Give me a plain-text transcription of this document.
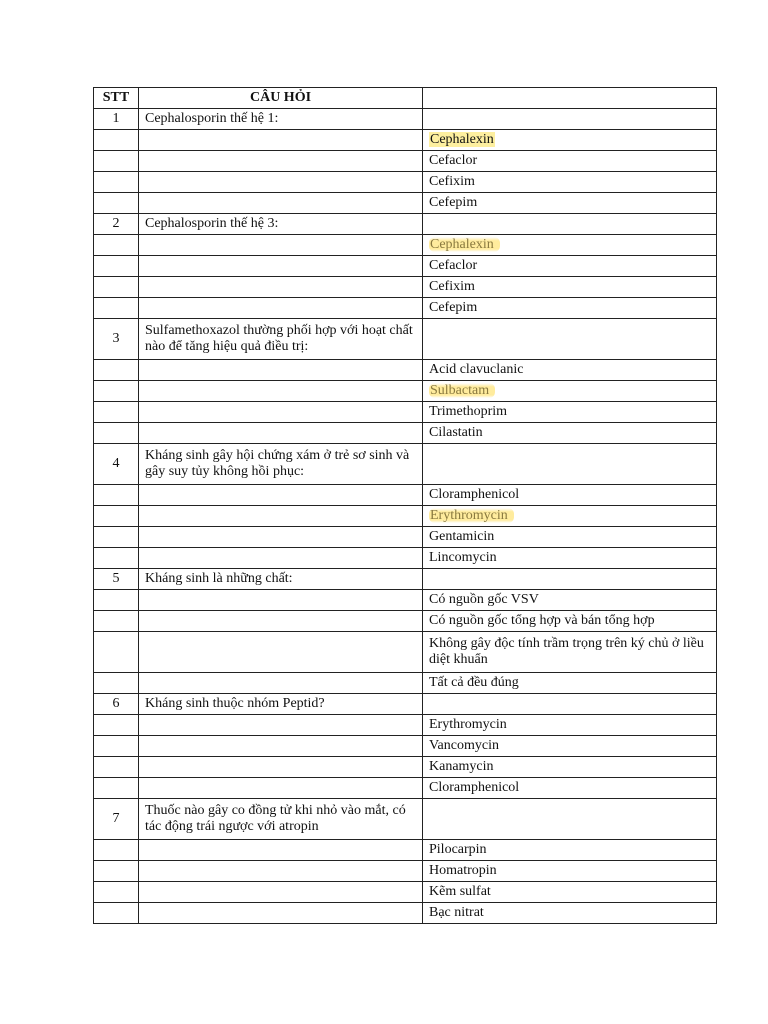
STT	CÂU HỎI	
1	Cephalosporin thế hệ 1:	
		Cephalexin
		Cefaclor
		Cefixim
		Cefepim
2	Cephalosporin thế hệ 3:	
		Cephalexin
		Cefaclor
		Cefixim
		Cefepim
3	Sulfamethoxazol thường phối hợp với hoạt chất nào để tăng hiệu quả điều trị:	
		Acid clavuclanic
		Sulbactam
		Trimethoprim
		Cilastatin
4	Kháng sinh gây hội chứng xám ở trẻ sơ sinh và gây suy tủy không hồi phục:	
		Cloramphenicol
		Erythromycin
		Gentamicin
		Lincomycin
5	Kháng sinh là những chất:	
		Có nguồn gốc VSV
		Có nguồn gốc tổng hợp và bán tổng hợp
		Không gây độc tính trầm trọng trên ký chủ ở liều diệt khuẩn
		Tất cả đều đúng
6	Kháng sinh thuộc nhóm Peptid?	
		Erythromycin
		Vancomycin
		Kanamycin
		Cloramphenicol
7	Thuốc nào gây co đồng tử khi nhỏ vào mắt, có tác động trái ngược với atropin	
		Pilocarpin
		Homatropin
		Kẽm sulfat
		Bạc nitrat
